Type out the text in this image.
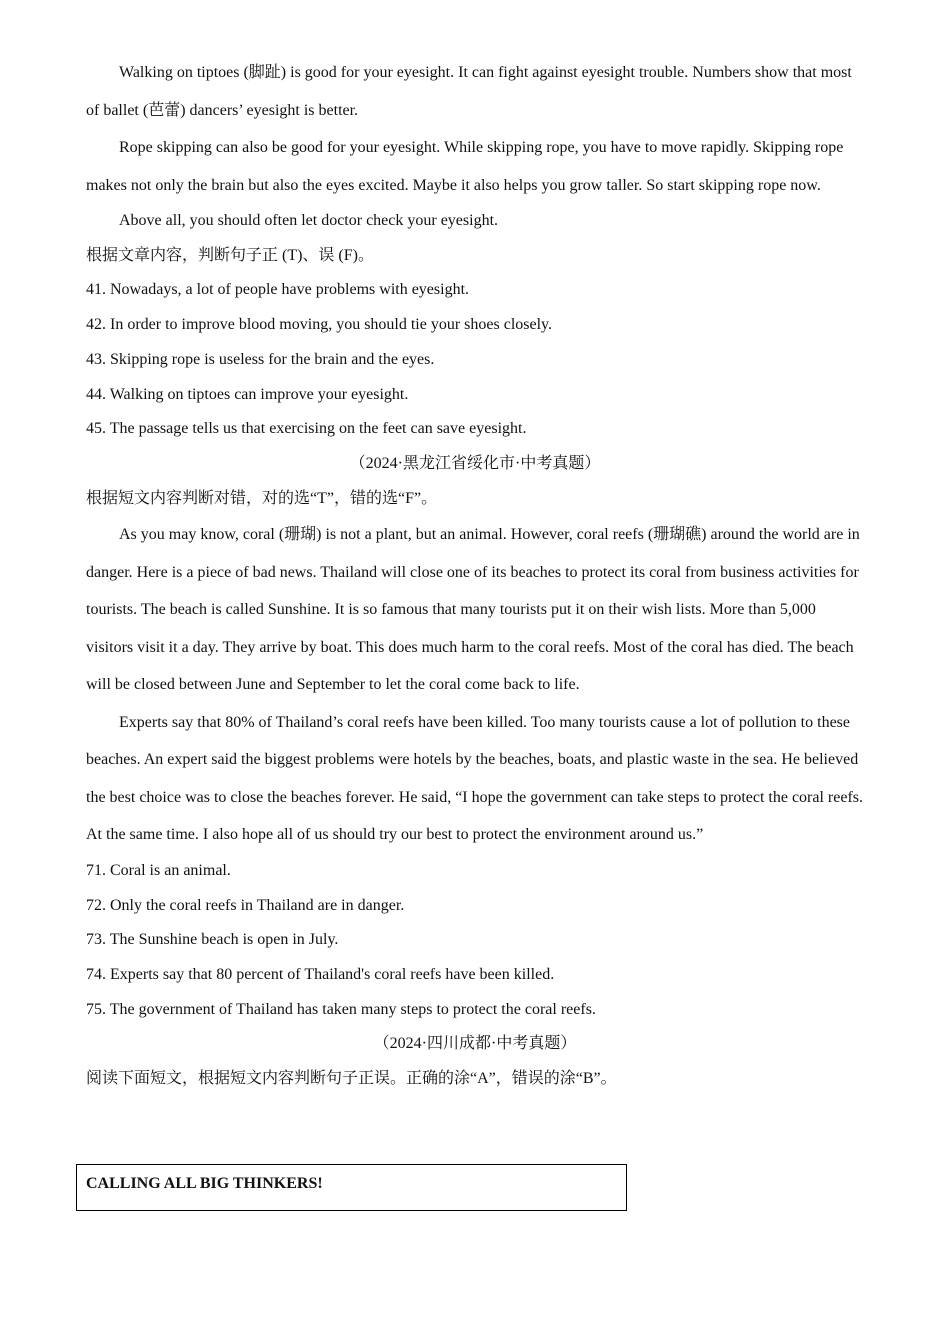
Walking on tiptoes (脚趾) is good for your eyesight. It can fight against eyesight trouble. Numbers show that most of ballet (芭蕾) dancers’ eyesight is better.

Rope skipping can also be good for your eyesight. While skipping rope, you have to move rapidly. Skipping rope makes not only the brain but also the eyes excited. Maybe it also helps you grow taller. So start skipping rope now.

Above all, you should often let doctor check your eyesight.

根据文章内容，判断句子正 (T)、误 (F)。

41. Nowadays, a lot of people have problems with eyesight.

42. In order to improve blood moving, you should tie your shoes closely.

43. Skipping rope is useless for the brain and the eyes.

44. Walking on tiptoes can improve your eyesight.

45. The passage tells us that exercising on the feet can save eyesight.

（2024·黑龙江省绥化市·中考真题）

根据短文内容判断对错，对的选“T”，错的选“F”。

As you may know, coral (珊瑚) is not a plant, but an animal. However, coral reefs (珊瑚礁) around the world are in danger. Here is a piece of bad news. Thailand will close one of its beaches to protect its coral from business activities for tourists. The beach is called Sunshine. It is so famous that many tourists put it on their wish lists. More than 5,000 visitors visit it a day. They arrive by boat. This does much harm to the coral reefs. Most of the coral has died. The beach will be closed between June and September to let the coral come back to life.

Experts say that 80% of Thailand’s coral reefs have been killed. Too many tourists cause a lot of pollution to these beaches. An expert said the biggest problems were hotels by the beaches, boats, and plastic waste in the sea. He believed the best choice was to close the beaches forever. He said, “I hope the government can take steps to protect the coral reefs. At the same time. I also hope all of us should try our best to protect the environment around us.”

71. Coral is an animal.

72. Only the coral reefs in Thailand are in danger.

73. The Sunshine beach is open in July.

74. Experts say that 80 percent of Thailand's coral reefs have been killed.

75. The government of Thailand has taken many steps to protect the coral reefs.

（2024·四川成都·中考真题）

阅读下面短文，根据短文内容判断句子正误。正确的涂“A”，错误的涂“B”。

CALLING ALL BIG THINKERS!
